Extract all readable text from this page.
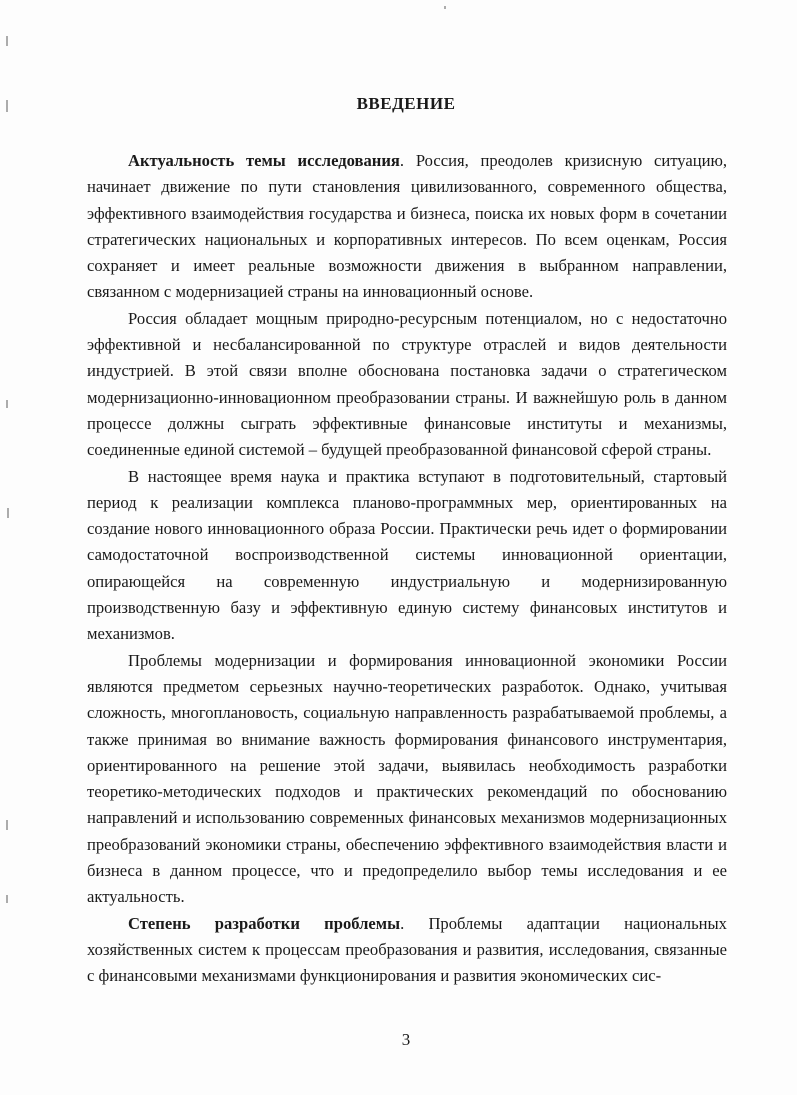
ВВЕДЕНИЕ

Актуальность темы исследования. Россия, преодолев кризисную ситуацию, начинает движение по пути становления цивилизованного, современного общества, эффективного взаимодействия государства и бизнеса, поиска их новых форм в сочетании стратегических национальных и корпоративных интересов. По всем оценкам, Россия сохраняет и имеет реальные возможности движения в выбранном направлении, связанном с модернизацией страны на инновационный основе.

Россия обладает мощным природно-ресурсным потенциалом, но с недостаточно эффективной и несбалансированной по структуре отраслей и видов деятельности индустрией. В этой связи вполне обоснована постановка задачи о стратегическом модернизационно-инновационном преобразовании страны. И важнейшую роль в данном процессе должны сыграть эффективные финансовые институты и механизмы, соединенные единой системой – будущей преобразованной финансовой сферой страны.

В настоящее время наука и практика вступают в подготовительный, стартовый период к реализации комплекса планово-программных мер, ориентированных на создание нового инновационного образа России. Практически речь идет о формировании самодостаточной воспроизводственной системы инновационной ориентации, опирающейся на современную индустриальную и модернизированную производственную базу и эффективную единую систему финансовых институтов и механизмов.

Проблемы модернизации и формирования инновационной экономики России являются предметом серьезных научно-теоретических разработок. Однако, учитывая сложность, многоплановость, социальную направленность разрабатываемой проблемы, а также принимая во внимание важность формирования финансового инструментария, ориентированного на решение этой задачи, выявилась необходимость разработки теоретико-методических подходов и практических рекомендаций по обоснованию направлений и использованию современных финансовых механизмов модернизационных преобразований экономики страны, обеспечению эффективного взаимодействия власти и бизнеса в данном процессе, что и предопределило выбор темы исследования и ее актуальность.

Степень разработки проблемы. Проблемы адаптации национальных хозяйственных систем к процессам преобразования и развития, исследования, связанные с финансовыми механизмами функционирования и развития экономических сис-

3
